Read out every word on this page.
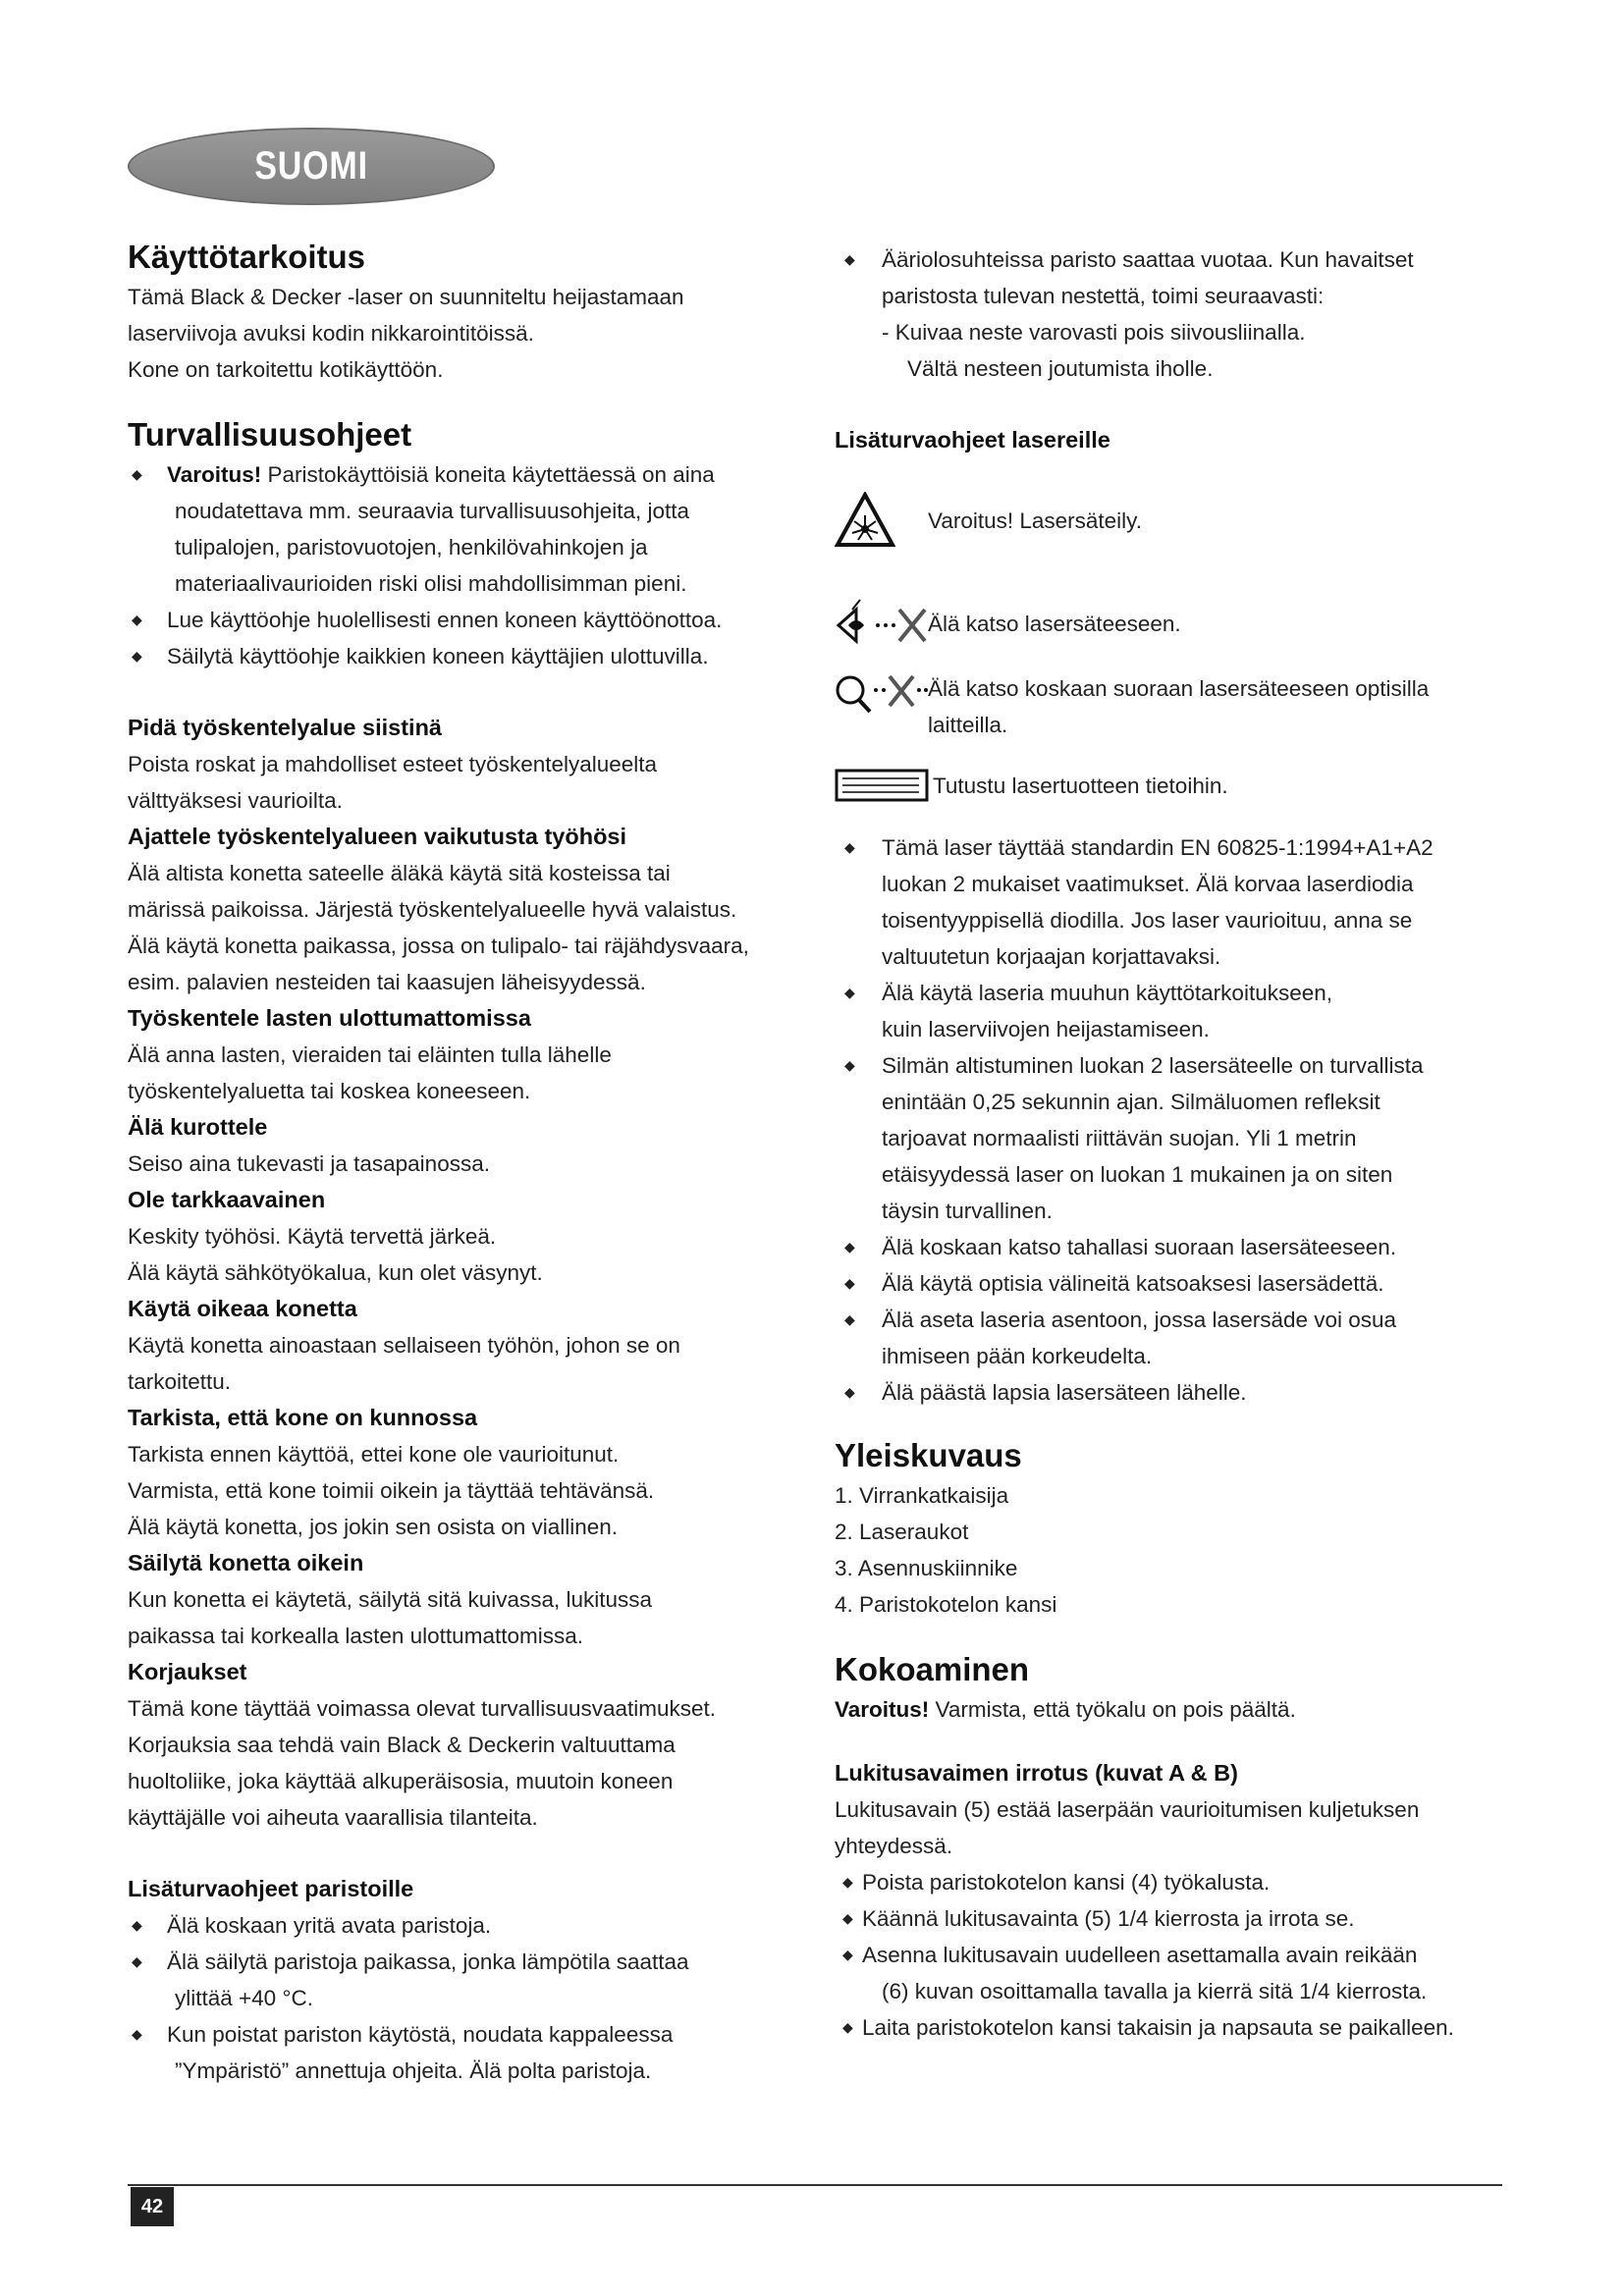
SUOMI

Käyttötarkoitus

Tämä Black & Decker -laser on suunniteltu heijastamaan

laserviivoja avuksi kodin nikkarointitöissä.

Kone on tarkoitettu kotikäyttöön.

Turvallisuusohjeet

◆ Varoitus! Paristokäyttöisiä koneita käytettäessä on aina

noudatettava mm. seuraavia turvallisuusohjeita, jotta

tulipalojen, paristovuotojen, henkilövahinkojen ja

materiaalivaurioiden riski olisi mahdollisimman pieni.

◆ Lue käyttöohje huolellisesti ennen koneen käyttöönottoa.

◆ Säilytä käyttöohje kaikkien koneen käyttäjien ulottuvilla.

Pidä työskentelyalue siistinä

Poista roskat ja mahdolliset esteet työskentelyalueelta

välttyäksesi vaurioilta.

Ajattele työskentelyalueen vaikutusta työhösi

Älä altista konetta sateelle äläkä käytä sitä kosteissa tai

märissä paikoissa. Järjestä työskentelyalueelle hyvä valaistus.

Älä käytä konetta paikassa, jossa on tulipalo- tai räjähdysvaara,

esim. palavien nesteiden tai kaasujen läheisyydessä.

Työskentele lasten ulottumattomissa

Älä anna lasten, vieraiden tai eläinten tulla lähelle

työskentelyaluetta tai koskea koneeseen.

Älä kurottele

Seiso aina tukevasti ja tasapainossa.

Ole tarkkaavainen

Keskity työhösi. Käytä tervettä järkeä.

Älä käytä sähkötyökalua, kun olet väsynyt.

Käytä oikeaa konetta

Käytä konetta ainoastaan sellaiseen työhön, johon se on

tarkoitettu.

Tarkista, että kone on kunnossa

Tarkista ennen käyttöä, ettei kone ole vaurioitunut.

Varmista, että kone toimii oikein ja täyttää tehtävänsä.

Älä käytä konetta, jos jokin sen osista on viallinen.

Säilytä konetta oikein

Kun konetta ei käytetä, säilytä sitä kuivassa, lukitussa

paikassa tai korkealla lasten ulottumattomissa.

Korjaukset

Tämä kone täyttää voimassa olevat turvallisuusvaatimukset.

Korjauksia saa tehdä vain Black & Deckerin valtuuttama

huoltoliike, joka käyttää alkuperäisosia, muutoin koneen

käyttäjälle voi aiheuta vaarallisia tilanteita.

Lisäturvaohjeet paristoille

◆ Älä koskaan yritä avata paristoja.

◆ Älä säilytä paristoja paikassa, jonka lämpötila saattaa

ylittää +40 °C.

◆ Kun poistat pariston käytöstä, noudata kappaleessa

”Ympäristö” annettuja ohjeita. Älä polta paristoja.

◆ Ääriolosuhteissa paristo saattaa vuotaa. Kun havaitset

paristosta tulevan nestettä, toimi seuraavasti:

- Kuivaa neste varovasti pois siivousliinalla.

Vältä nesteen joutumista iholle.

Lisäturvaohjeet lasereille

Varoitus! Lasersäteily.
Älä katso lasersäteeseen.
Älä katso koskaan suoraan lasersäteeseen optisilla
laitteilla.
Tutustu lasertuotteen tietoihin.

◆ Tämä laser täyttää standardin EN 60825-1:1994+A1+A2

luokan 2 mukaiset vaatimukset. Älä korvaa laserdiodia

toisentyyppisellä diodilla. Jos laser vaurioituu, anna se

valtuutetun korjaajan korjattavaksi.

◆ Älä käytä laseria muuhun käyttötarkoitukseen,

kuin laserviivojen heijastamiseen.

◆ Silmän altistuminen luokan 2 lasersäteelle on turvallista

enintään 0,25 sekunnin ajan. Silmäluomen refleksit

tarjoavat normaalisti riittävän suojan. Yli 1 metrin

etäisyydessä laser on luokan 1 mukainen ja on siten

täysin turvallinen.

◆ Älä koskaan katso tahallasi suoraan lasersäteeseen.

◆ Älä käytä optisia välineitä katsoaksesi lasersädettä.

◆ Älä aseta laseria asentoon, jossa lasersäde voi osua

ihmiseen pään korkeudelta.

◆ Älä päästä lapsia lasersäteen lähelle.

Yleiskuvaus

1. Virrankatkaisija

2. Laseraukot

3. Asennuskiinnike

4. Paristokotelon kansi

Kokoaminen

Varoitus! Varmista, että työkalu on pois päältä.

Lukitusavaimen irrotus (kuvat A & B)

Lukitusavain (5) estää laserpään vaurioitumisen kuljetuksen

yhteydessä.

◆ Poista paristokotelon kansi (4) työkalusta.

◆ Käännä lukitusavainta (5) 1/4 kierrosta ja irrota se.

◆ Asenna lukitusavain uudelleen asettamalla avain reikään

(6) kuvan osoittamalla tavalla ja kierrä sitä 1/4 kierrosta.

◆ Laita paristokotelon kansi takaisin ja napsauta se paikalleen.

42
